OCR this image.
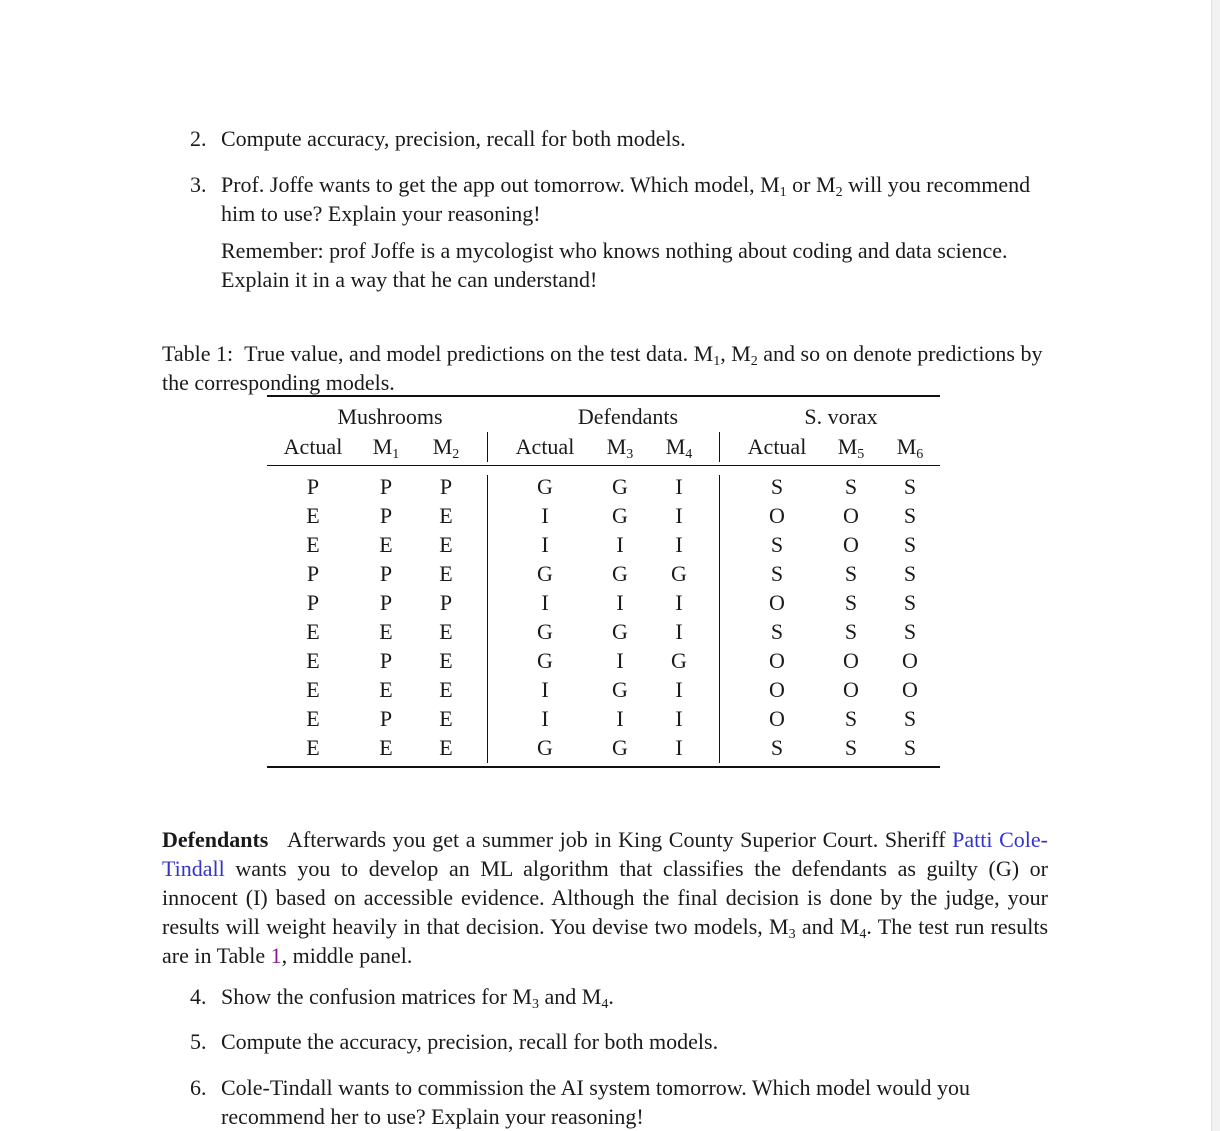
2. Compute accuracy, precision, recall for both models.

3. Prof. Joffe wants to get the app out tomorrow. Which model, $M_1$ or $M_2$ will you recommend him to use? Explain your reasoning!

Remember: prof Joffe is a mycologist who knows nothing about coding and data science. Explain it in a way that he can understand!

Table 1: True value, and model predictions on the test data. $M_1$, $M_2$ and so on denote predictions by the corresponding models.
Mushrooms	Defendants	S. vorax
Actual	$M_1$	$M_2$	Actual	$M_3$	$M_4$	Actual	$M_5$	$M_6$
P	P	P	G	G	I	S	S	S
E	P	E	I	G	I	O	O	S
E	E	E	I	I	I	S	O	S
P	P	E	G	G	G	S	S	S
P	P	P	I	I	I	O	S	S
E	E	E	G	G	I	S	S	S
E	P	E	G	I	G	O	O	O
E	E	E	I	G	I	O	O	O
E	P	E	I	I	I	O	S	S
E	E	E	G	G	I	S	S	S
Defendants Afterwards you get a summer job in King County Superior Court. Sheriff Patti Cole-Tindall wants you to develop an ML algorithm that classifies the defendants as guilty (G) or innocent (I) based on accessible evidence. Although the final decision is done by the judge, your results will weight heavily in that decision. You devise two models, $M_3$ and $M_4$. The test run results are in Table 1, middle panel.
4. Show the confusion matrices for $M_3$ and $M_4$.

5. Compute the accuracy, precision, recall for both models.

6. Cole-Tindall wants to commission the AI system tomorrow. Which model would you recommend her to use? Explain your reasoning!
